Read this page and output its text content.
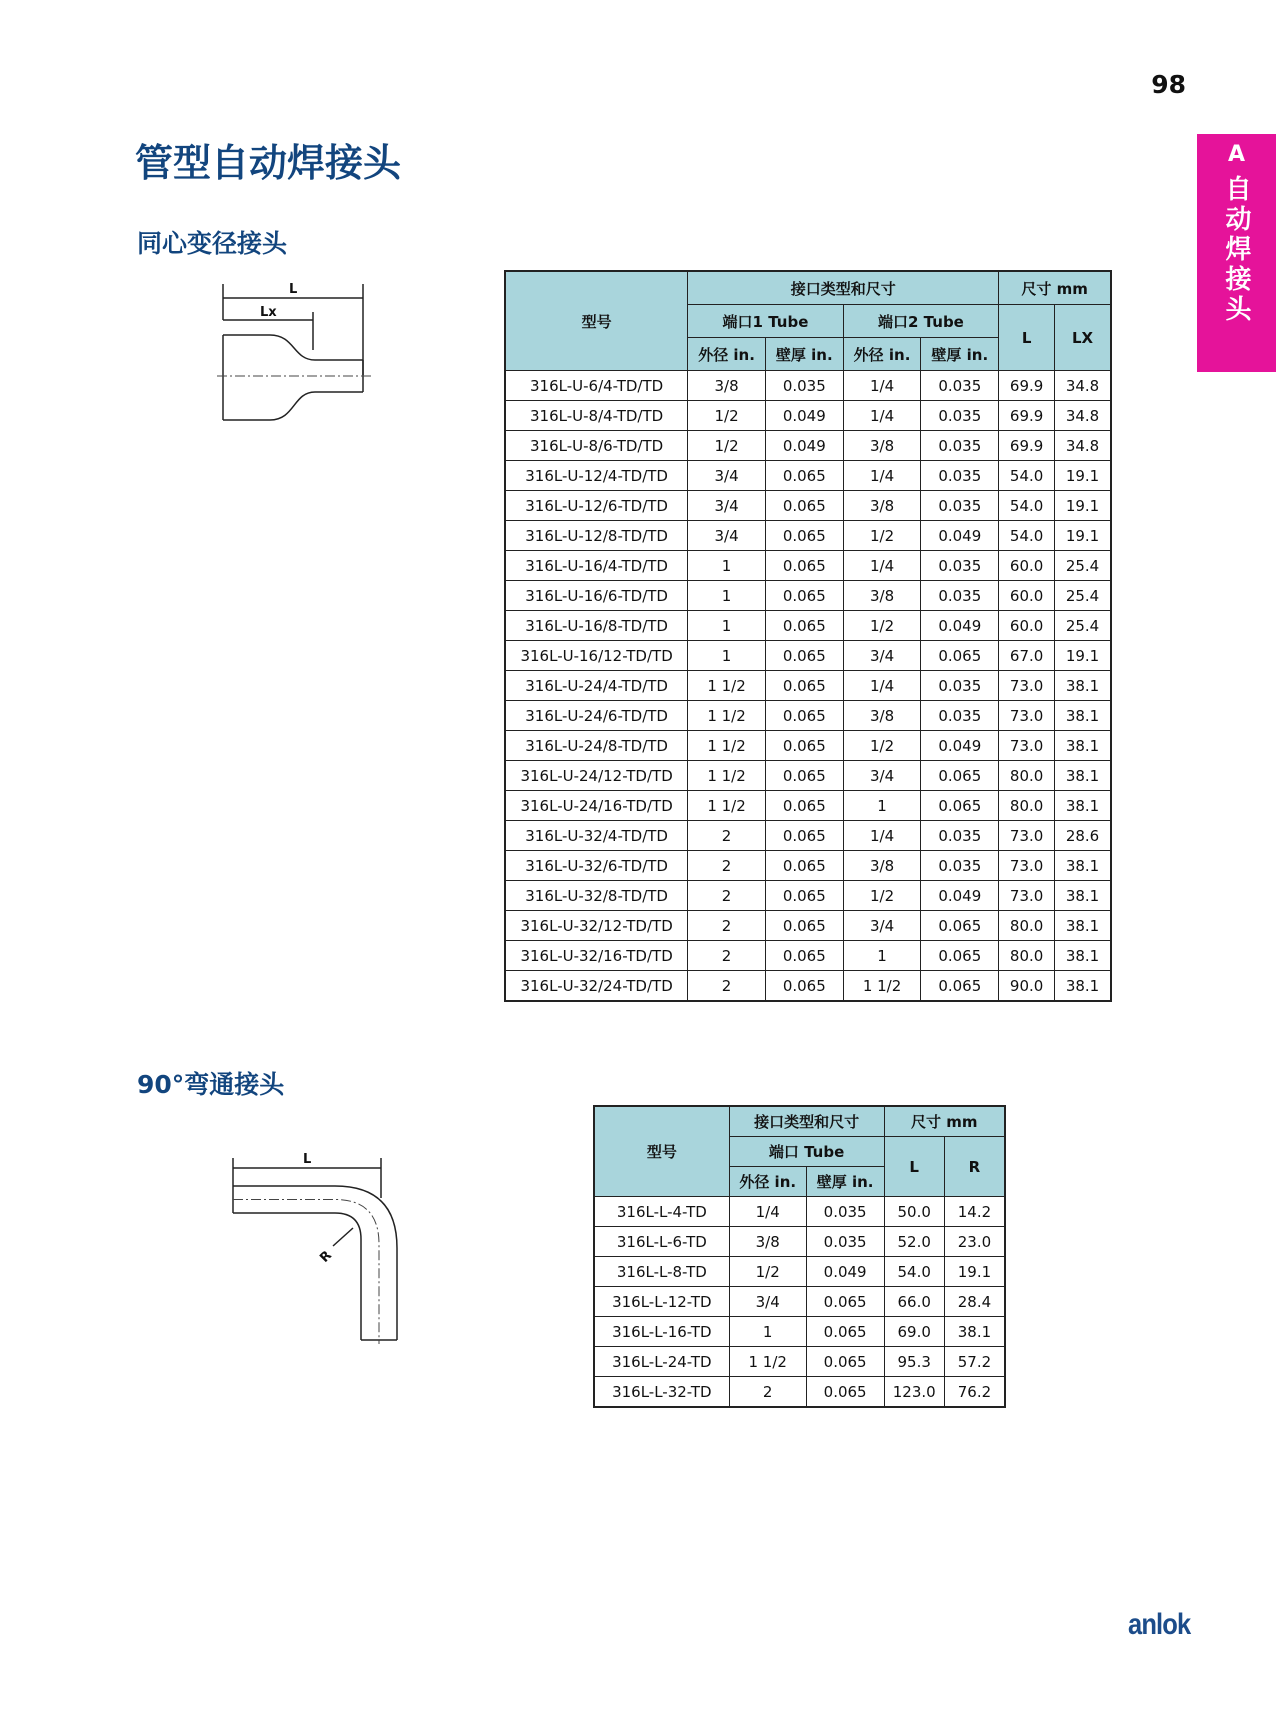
98
A
自动焊接头
管型自动焊接头
同心变径接头
L
Lx	型号	接口类型和尺寸				尺寸 mm	
	端口1 Tube		端口2 Tube		L	LX
	外径 in.	壁厚 in.	外径 in.	壁厚 in.		
316L-U-6/4-TD/TD	3/8	0.035	1/4	0.035	69.9	34.8
316L-U-8/4-TD/TD	1/2	0.049	1/4	0.035	69.9	34.8
316L-U-8/6-TD/TD	1/2	0.049	3/8	0.035	69.9	34.8
316L-U-12/4-TD/TD	3/4	0.065	1/4	0.035	54.0	19.1
316L-U-12/6-TD/TD	3/4	0.065	3/8	0.035	54.0	19.1
316L-U-12/8-TD/TD	3/4	0.065	1/2	0.049	54.0	19.1
316L-U-16/4-TD/TD	1	0.065	1/4	0.035	60.0	25.4
316L-U-16/6-TD/TD	1	0.065	3/8	0.035	60.0	25.4
316L-U-16/8-TD/TD	1	0.065	1/2	0.049	60.0	25.4
316L-U-16/12-TD/TD	1	0.065	3/4	0.065	67.0	19.1
316L-U-24/4-TD/TD	1 1/2	0.065	1/4	0.035	73.0	38.1
316L-U-24/6-TD/TD	1 1/2	0.065	3/8	0.035	73.0	38.1
316L-U-24/8-TD/TD	1 1/2	0.065	1/2	0.049	73.0	38.1
316L-U-24/12-TD/TD	1 1/2	0.065	3/4	0.065	80.0	38.1
316L-U-24/16-TD/TD	1 1/2	0.065	1	0.065	80.0	38.1
316L-U-32/4-TD/TD	2	0.065	1/4	0.035	73.0	28.6
316L-U-32/6-TD/TD	2	0.065	3/8	0.035	73.0	38.1
316L-U-32/8-TD/TD	2	0.065	1/2	0.049	73.0	38.1
316L-U-32/12-TD/TD	2	0.065	3/4	0.065	80.0	38.1
316L-U-32/16-TD/TD	2	0.065	1	0.065	80.0	38.1
316L-U-32/24-TD/TD	2	0.065	1 1/2	0.065	90.0	38.1
90°弯通接头
L
R
型号	接口类型和尺寸		尺寸 mm	
	端口 Tube		L	R
	外径 in.	壁厚 in.		
316L-L-4-TD	1/4	0.035	50.0	14.2
316L-L-6-TD	3/8	0.035	52.0	23.0
316L-L-8-TD	1/2	0.049	54.0	19.1
316L-L-12-TD	3/4	0.065	66.0	28.4
316L-L-16-TD	1	0.065	69.0	38.1
316L-L-24-TD	1 1/2	0.065	95.3	57.2
316L-L-32-TD	2	0.065	123.0	76.2
anlok
